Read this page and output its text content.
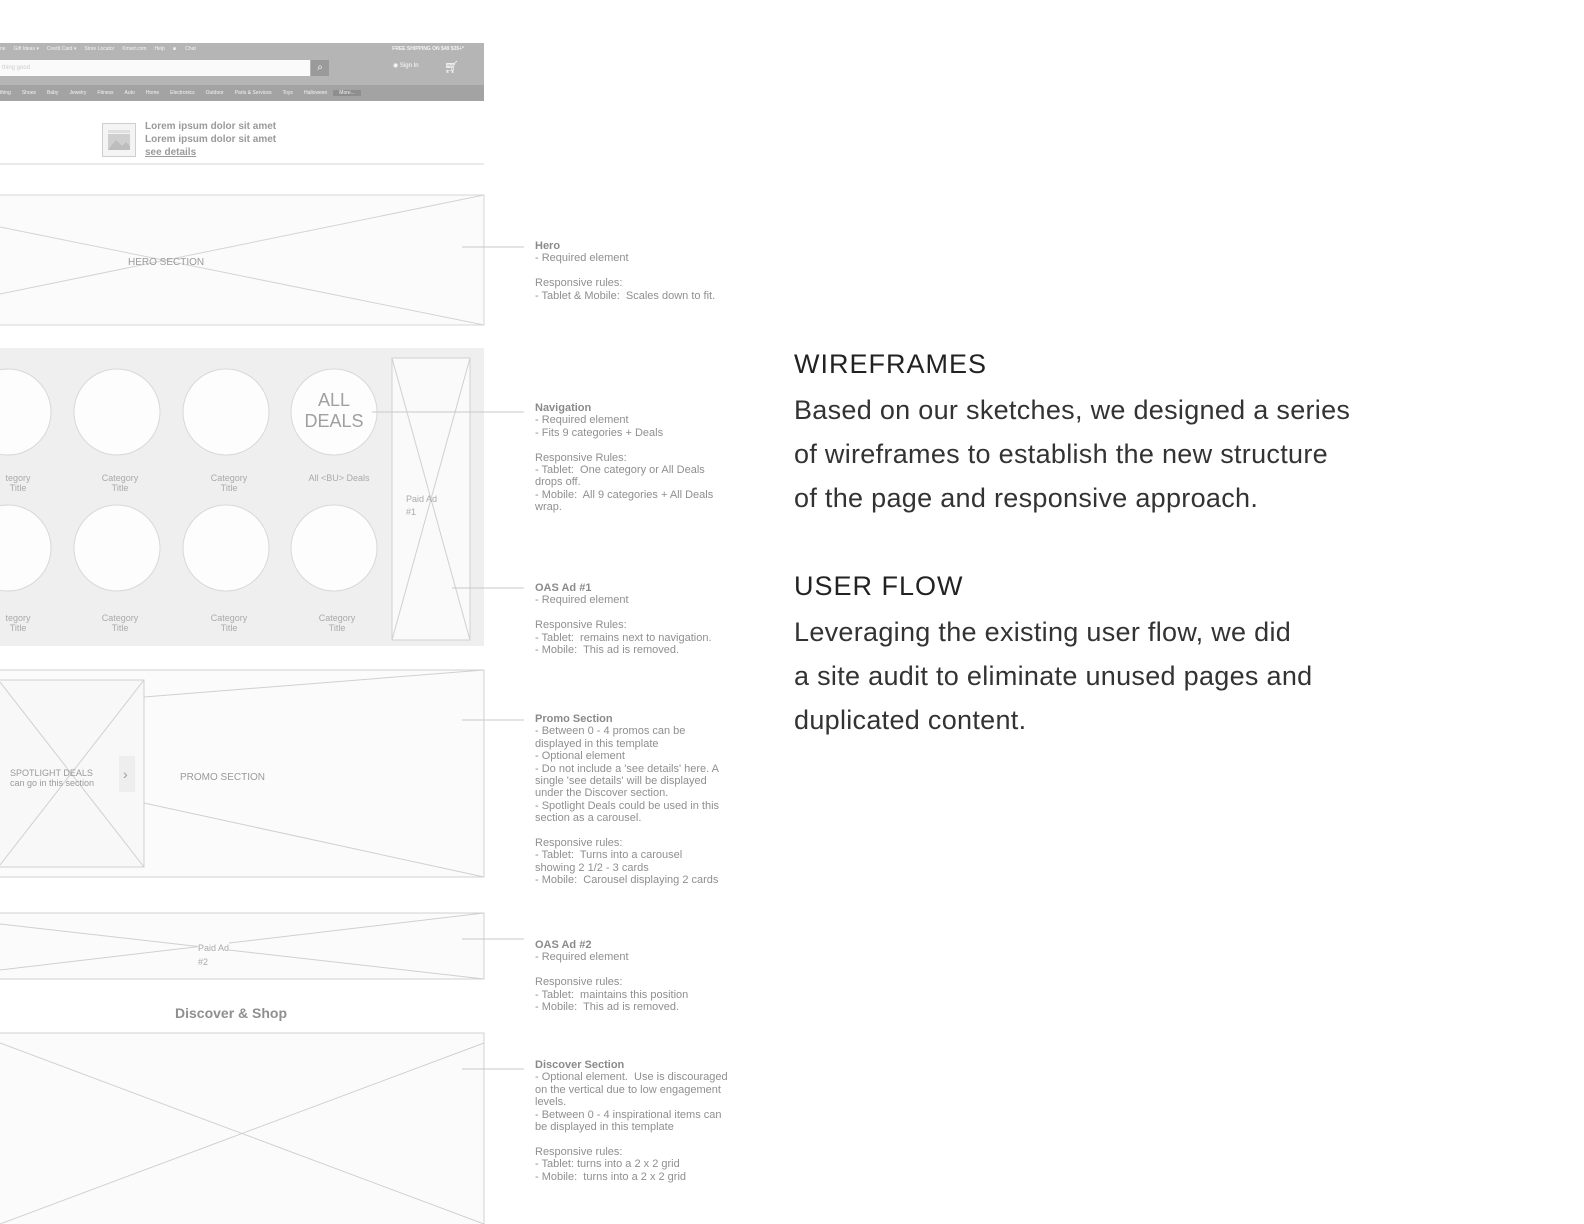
ne Gift Ideas ▾ Credit Card ▾ Store Locator Kmart.com Help ■ Chat	FREE SHIPPING ON $49 $35+*
thing good	⌕	◉ Sign In 🛒︎
thing Shoes Baby Jewelry Fitness Auto Home Electronics Outdoor Parts & Services Toys Halloween More...
Lorem ipsum dolor sit amet
Lorem ipsum dolor sit amet
see details
HERO SECTION
ALL
DEALS
tegory
Title
Category
Title
Category
Title
All <BU> Deals
tegory
Title
Category
Title
Category
Title
Category
Title
Paid Ad
#1
SPOTLIGHT DEALS
can go in this section
›	PROMO SECTION
Paid Ad
#2
Discover & Shop
Hero
- Required element

Responsive rules:
- Tablet & Mobile:  Scales down to fit.
Navigation
- Required element
- Fits 9 categories + Deals

Responsive Rules:
- Tablet:  One category or All Deals
drops off.
- Mobile:  All 9 categories + All Deals
wrap.
OAS Ad #1
- Required element

Responsive Rules:
- Tablet:  remains next to navigation.
- Mobile:  This ad is removed.
Promo Section
- Between 0 - 4 promos can be
displayed in this template
- Optional element
- Do not include a 'see details' here. A
single 'see details' will be displayed
under the Discover section.
- Spotlight Deals could be used in this
section as a carousel.

Responsive rules:
- Tablet:  Turns into a carousel
showing 2 1/2 - 3 cards
- Mobile:  Carousel displaying 2 cards
OAS Ad #2
- Required element

Responsive rules:
- Tablet:  maintains this position
- Mobile:  This ad is removed.
Discover Section
- Optional element.  Use is discouraged
on the vertical due to low engagement
levels.
- Between 0 - 4 inspirational items can
be displayed in this template

Responsive rules:
- Tablet: turns into a 2 x 2 grid
- Mobile:  turns into a 2 x 2 grid
WIREFRAMES
Based on our sketches, we designed a series
of wireframes to establish the new structure
of the page and responsive approach.
USER FLOW
Leveraging the existing user flow, we did
a site audit to eliminate unused pages and
duplicated content.
